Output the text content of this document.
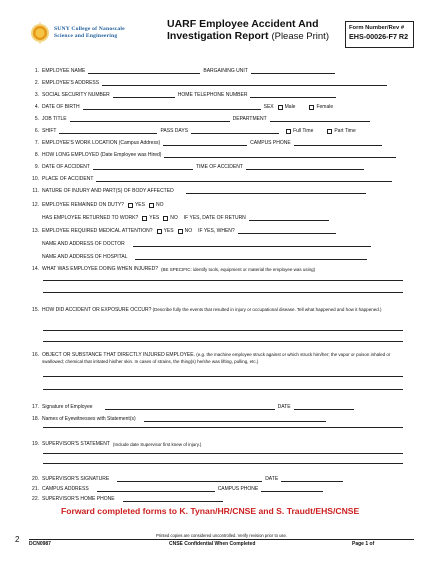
SUNY College of Nanoscale
Science and Engineering
UARF Employee Accident And
Investigation Report (Please Print)
Form Number/Rev #
EHS-00026-F7 R2
1. EMPLOYEE NAME	BARGAINING UNIT
2. EMPLOYEE'S ADDRESS
3. SOCIAL SECURITY NUMBER	HOME TELEPHONE NUMBER
4. DATE OF BIRTH	SEX Male	Female
5. JOB TITLE	DEPARTMENT
6. SHIFT	PASS DAYS	Full Time	Part Time
7. EMPLOYEE'S WORK LOCATION (Campus Address)	CAMPUS PHONE
8. HOW LONG EMPLOYED (Date Employee was Hired)
9. DATE OF ACCIDENT	TIME OF ACCIDENT
10. PLACE OF ACCIDENT
11. NATURE OF INJURY AND PART(S) OF BODY AFFECTED
12. EMPLOYEE REMAINED ON DUTY? YES NO
HAS EMPLOYEE RETURNED TO WORK? YES NO IF YES, DATE OF RETURN
13. EMPLOYEE REQUIRED MEDICAL ATTENTION? YES NO IF YES, WHEN?
NAME AND ADDRESS OF DOCTOR
NAME AND ADDRESS OF HOSPITAL
14. WHAT WAS EMPLOYEE DOING WHEN INJURED? (BE SPECIFIC: identify tools, equipment or material the employee was using)
15. HOW DID ACCIDENT OR EXPOSURE OCCUR? (Describe fully the events that resulted in injury or occupational disease. Tell what happened and how it happened.)
16. OBJECT OR SUBSTANCE THAT DIRECTLY INJURED EMPLOYEE. (e.g. the machine employee struck against or which struck him/her; the vapor or poison inhaled or swallowed; chemical that irritated his/her skin. In cases of strains, the thing(s) he/she was lifting, pulling, etc.)
17. Signature of Employee	DATE
18. Names of Eyewitnesses with Statement(s)
19. SUPERVISOR'S STATEMENT (Include date Supervisor first knew of injury.)
20. SUPERVISOR'S SIGNATURE	DATE
21. CAMPUS ADDRESS	CAMPUS PHONE
22. SUPERVISOR'S HOME PHONE
Forward completed forms to K. Tynan/HR/CNSE and S. Traudt/EHS/CNSE
Printed copies are considered uncontrolled. Verify revision prior to use.
DCN0987	CNSE Confidential When Completed	Page 1 of
2
